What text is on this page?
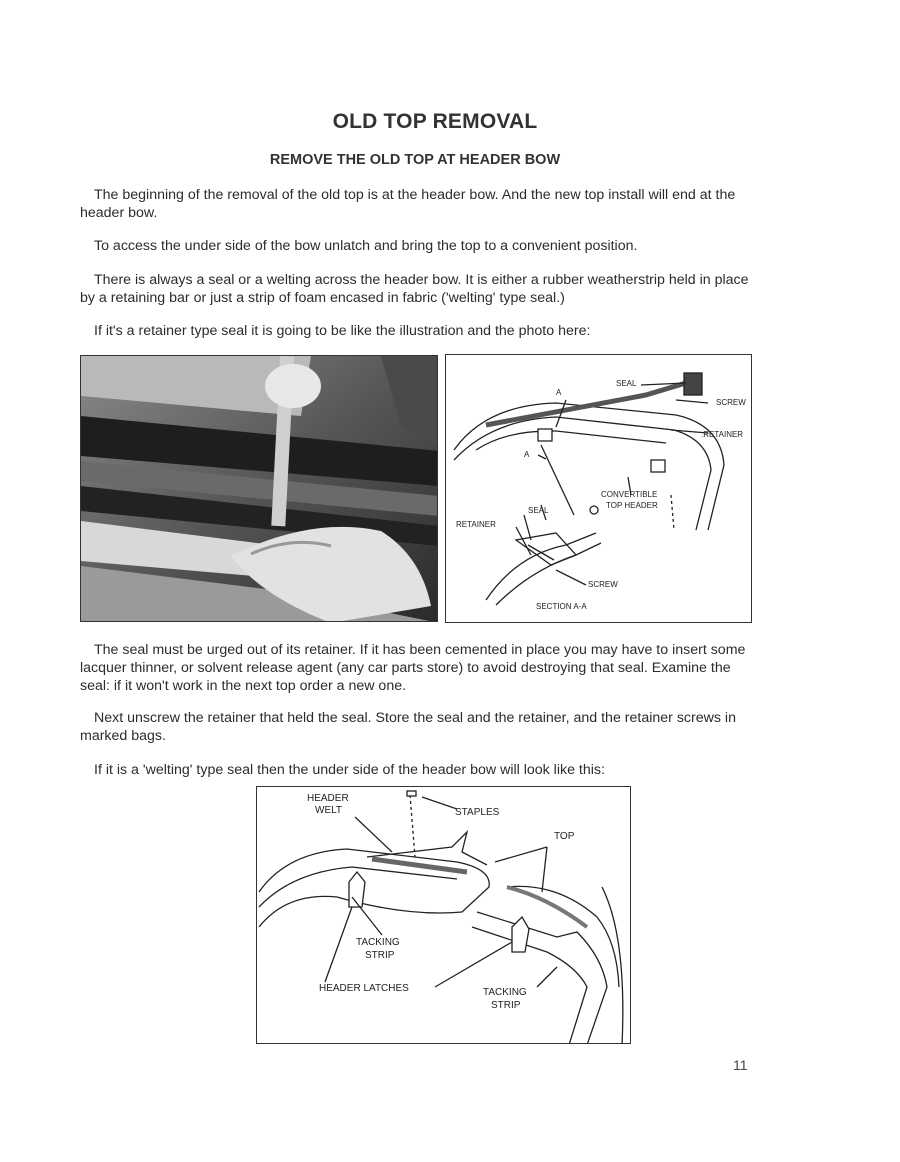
OLD TOP REMOVAL
REMOVE THE OLD TOP AT HEADER BOW

The beginning of the removal of the old top is at the header bow. And the new top install will end at the header bow.

To access the under side of the bow unlatch and bring the top to a convenient position.

There is always a seal or a welting across the header bow. It is either a rubber weatherstrip held in place by a retaining bar or just a strip of foam encased in fabric ('welting' type seal.)

If it's a retainer type seal it is going to be like the illustration and the photo here:

SEAL
SCREW
.RETAINER
A
A
CONVERTIBLE
TOP HEADER
SEAL
RETAINER
SCREW
SECTION A-A

The seal must be urged out of its retainer. If it has been cemented in place you may have to insert some lacquer thinner, or solvent release agent (any car parts store) to avoid destroying that seal. Examine the seal: if it won't work in the next top order a new one.

Next unscrew the retainer that held the seal. Store the seal and the retainer, and the retainer screws in marked bags.

If it is a 'welting' type seal then the under side of the header bow will look like this:

HEADER
WELT	STAPLES
TOP
TACKING
STRIP
HEADER LATCHES	TACKING
STRIP
11
